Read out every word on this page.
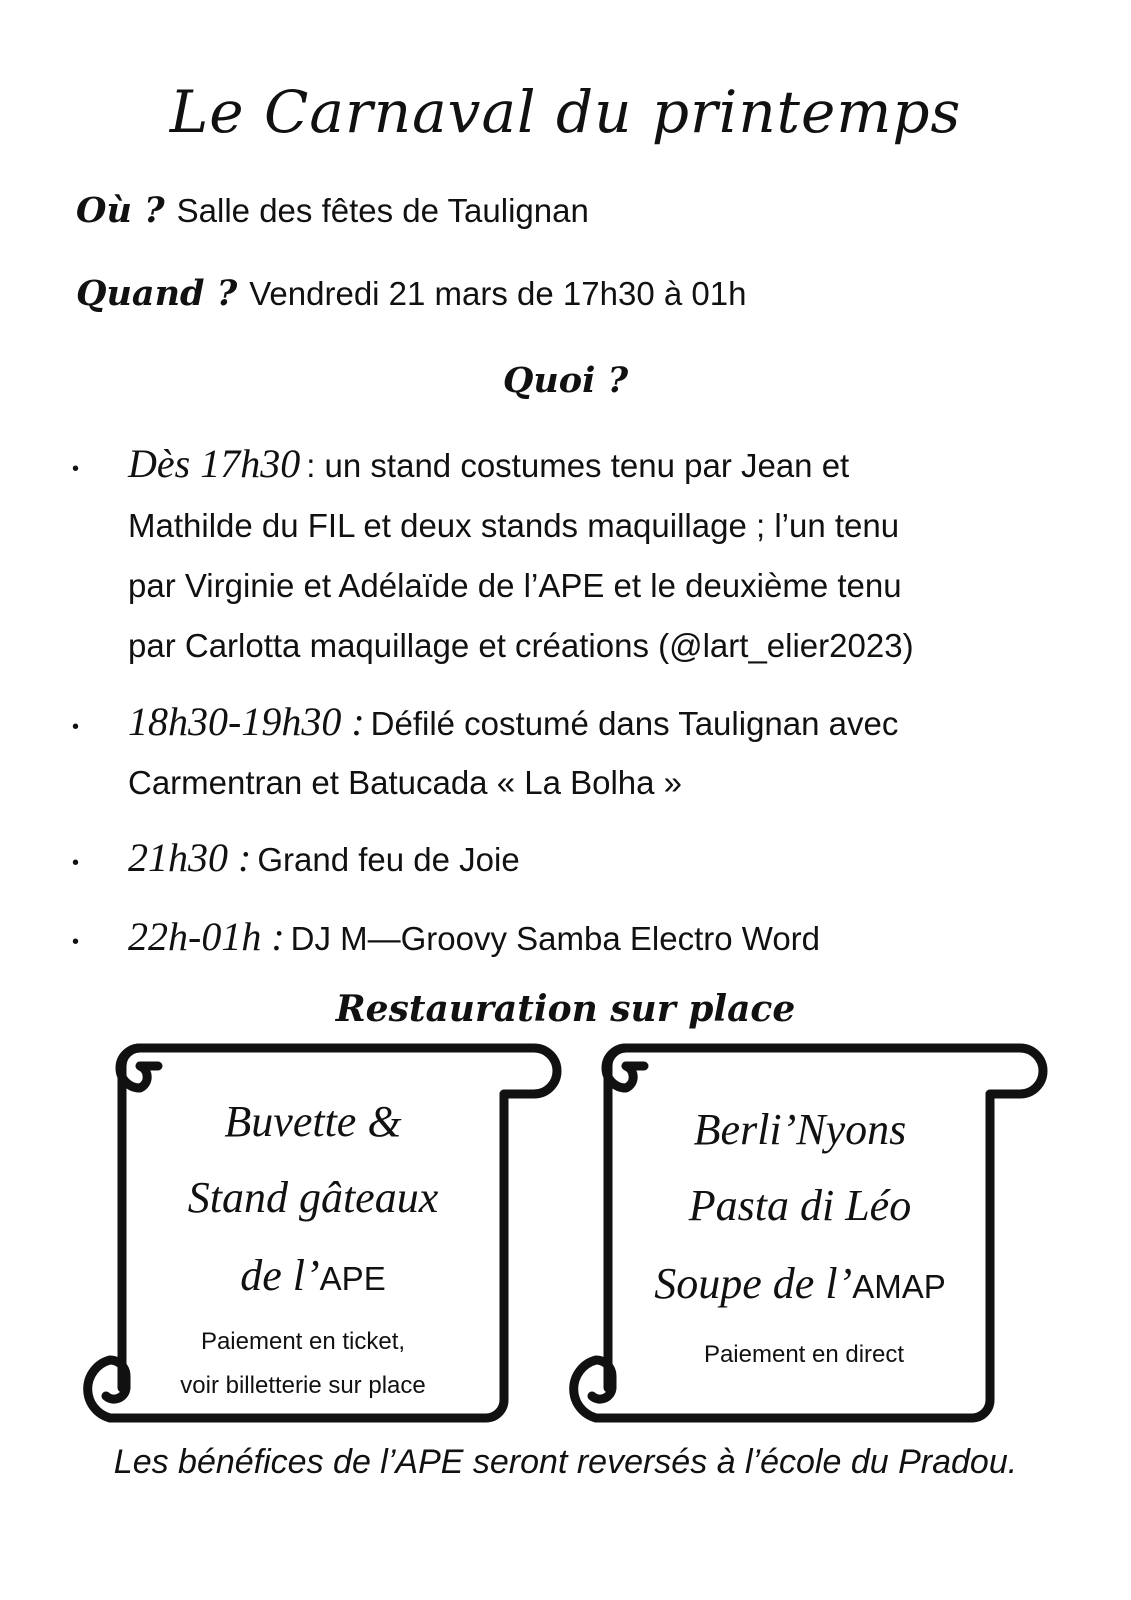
Le Carnaval du printemps
Où ? Salle des fêtes de Taulignan
Quand ? Vendredi 21 mars de 17h30 à 01h
Quoi ?
• Dès 17h30 : un stand costumes tenu par Jean et
Mathilde du FIL et deux stands maquillage ; l’un tenu
par Virginie et Adélaïde de l’APE et le deuxième tenu
par Carlotta maquillage et créations (@lart_elier2023)
• 18h30-19h30 : Défilé costumé dans Taulignan avec
Carmentran et Batucada « La Bolha »
• 21h30 : Grand feu de Joie
• 22h-01h : DJ M—Groovy Samba Electro Word
Restauration sur place
Buvette &
Stand gâteaux
de l’APE
Paiement en ticket,
voir billetterie sur place
Berli’Nyons
Pasta di Léo
Soupe de l’AMAP
Paiement en direct
Les bénéfices de l’APE seront reversés à l’école du Pradou.
